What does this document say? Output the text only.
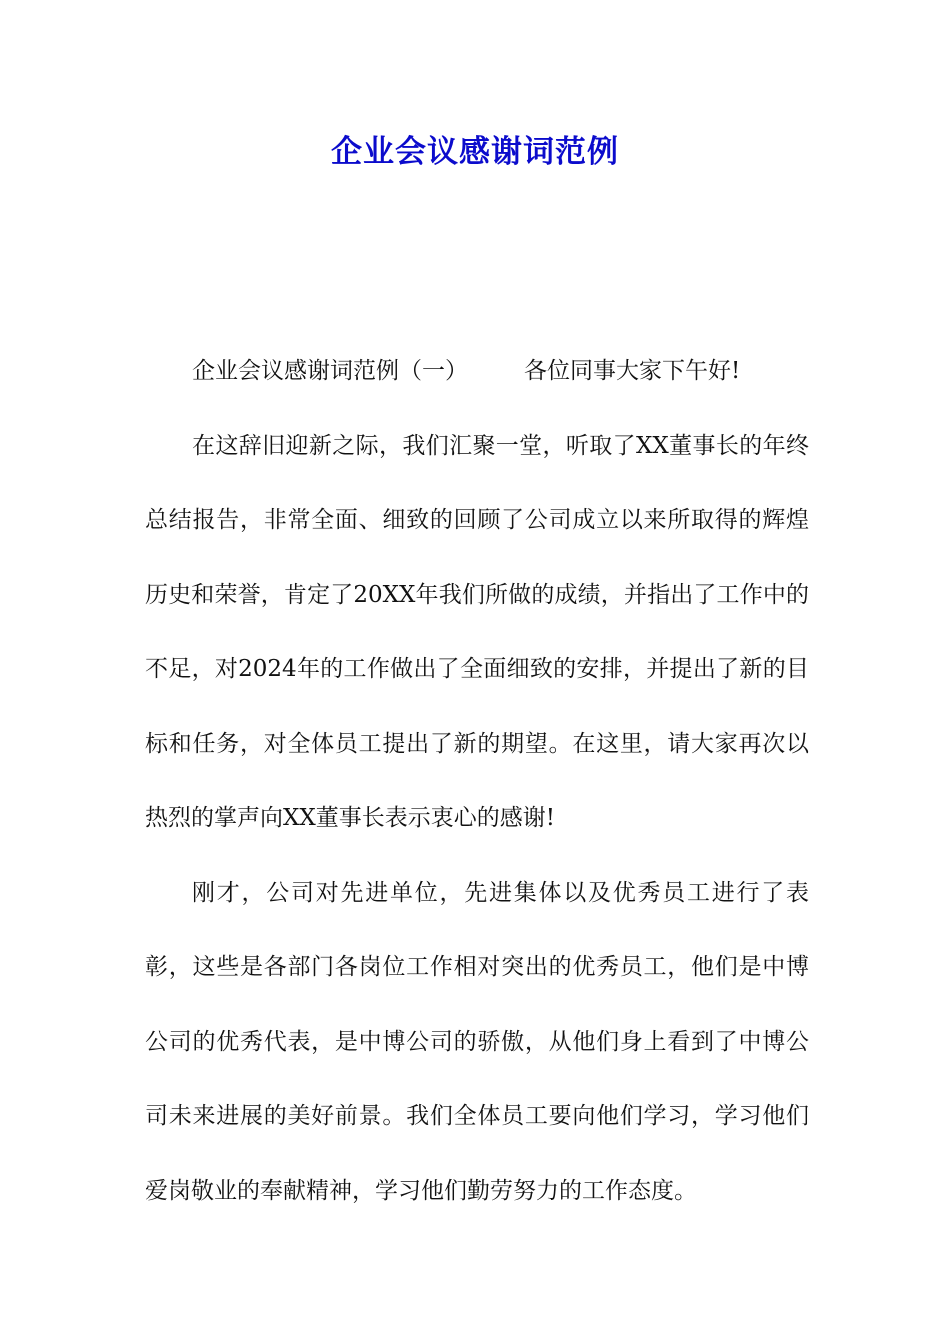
企业会议感谢词范例

企业会议感谢词范例（一） 各位同事大家下午好!

在这辞旧迎新之际，我们汇聚一堂，听取了XX董事长的年终总结报告，非常全面、细致的回顾了公司成立以来所取得的辉煌历史和荣誉，肯定了20XX年我们所做的成绩，并指出了工作中的不足，对2024年的工作做出了全面细致的安排，并提出了新的目标和任务，对全体员工提出了新的期望。在这里，请大家再次以热烈的掌声向XX董事长表示衷心的感谢!

刚才，公司对先进单位，先进集体以及优秀员工进行了表彰，这些是各部门各岗位工作相对突出的优秀员工，他们是中博公司的优秀代表，是中博公司的骄傲，从他们身上看到了中博公司未来进展的美好前景。我们全体员工要向他们学习，学习他们爱岗敬业的奉献精神，学习他们勤劳努力的工作态度。
